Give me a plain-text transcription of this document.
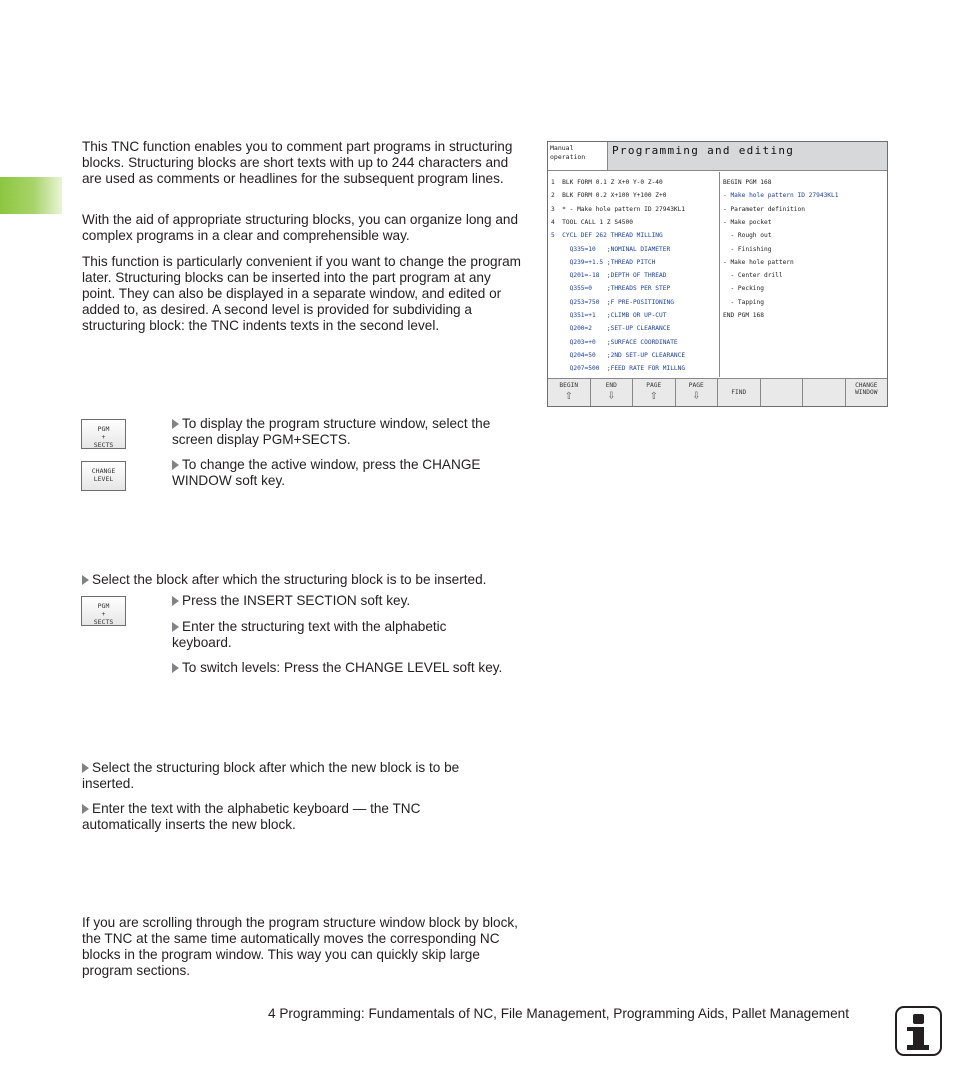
This TNC function enables you to comment part programs in structuring blocks. Structuring blocks are short texts with up to 244 characters and are used as comments or headlines for the subsequent program lines.

With the aid of appropriate structuring blocks, you can organize long and complex programs in a clear and comprehensible way.

This function is particularly convenient if you want to change the program later. Structuring blocks can be inserted into the part program at any point. They can also be displayed in a separate window, and edited or added to, as desired. A second level is provided for subdividing a structuring block: the TNC indents texts in the second level.

Manual
operation	Programming and editing
1  BLK FORM 0.1 Z X+0 Y-0 Z-40
2  BLK FORM 0.2 X+100 Y+100 Z+0
3  * - Make hole pattern ID 27943KL1
4  TOOL CALL 1 Z S4500
5  CYCL DEF 262 THREAD MILLING
Q335=10   ;NOMINAL DIAMETER
Q239=+1.5 ;THREAD PITCH
Q201=-18  ;DEPTH OF THREAD
Q355=0    ;THREADS PER STEP
Q253=750  ;F PRE-POSITIONING
Q351=+1   ;CLIMB OR UP-CUT
Q200=2    ;SET-UP CLEARANCE
Q203=+0   ;SURFACE COORDINATE
Q204=50   ;2ND SET-UP CLEARANCE
Q207=500  ;FEED RATE FOR MILLNG
BEGIN PGM 168
- Make hole pattern ID 27943KL1
- Parameter definition
- Make pocket
- Rough out
- Finishing
- Make hole pattern
- Center drill
- Pecking
- Tapping
END PGM 168
BEGIN
⇧
END
⇩
PAGE
⇧
PAGE
⇩	FIND
CHANGE WINDOW
PGM
+
SECTS
To display the program structure window, select the screen display PGM+SECTS.
CHANGE
LEVEL
To change the active window, press the CHANGE WINDOW soft key.
Select the block after which the structuring block is to be inserted.
PGM
+
SECTS
Press the INSERT SECTION soft key.
Enter the structuring text with the alphabetic keyboard.
To switch levels: Press the CHANGE LEVEL soft key.
Select the structuring block after which the new block is to be inserted.
Enter the text with the alphabetic keyboard — the TNC automatically inserts the new block.

If you are scrolling through the program structure window block by block, the TNC at the same time automatically moves the corresponding NC blocks in the program window. This way you can quickly skip large program sections.

4 Programming: Fundamentals of NC, File Management, Programming Aids, Pallet Management
